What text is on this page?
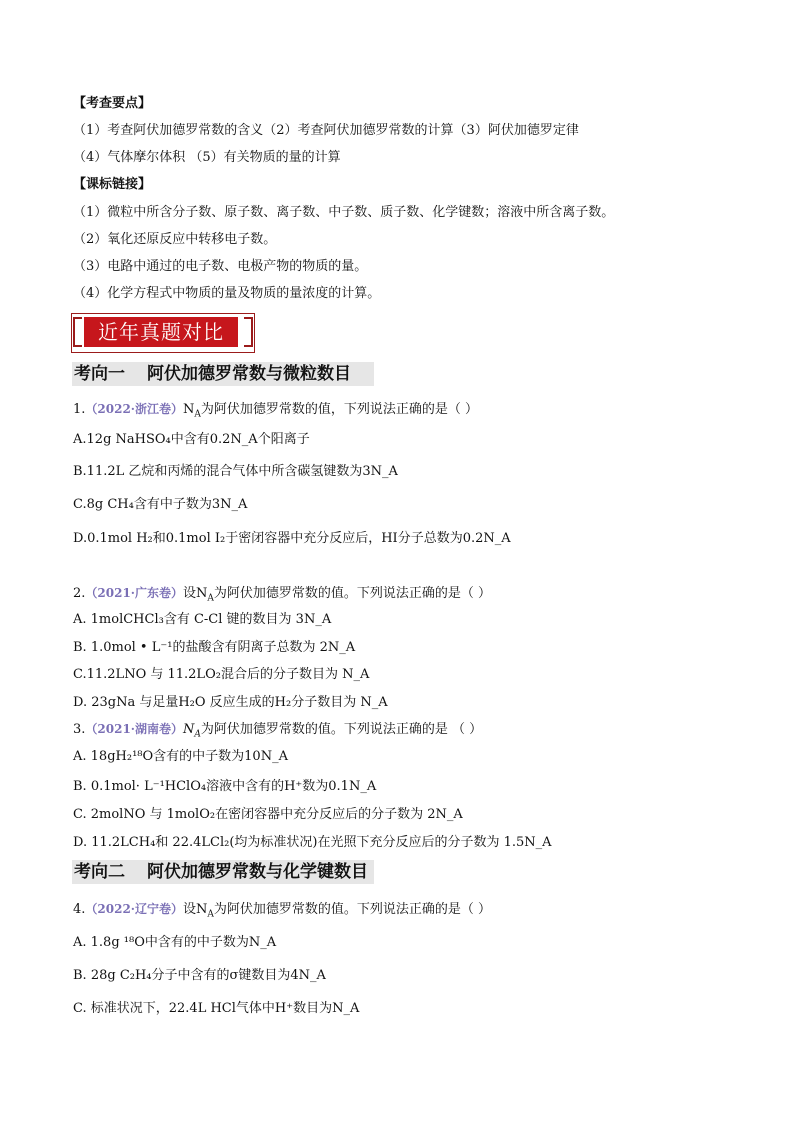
【考查要点】
（1）考查阿伏加德罗常数的含义（2）考查阿伏加德罗常数的计算（3）阿伏加德罗定律
（4）气体摩尔体积 （5）有关物质的量的计算
【课标链接】
（1）微粒中所含分子数、原子数、离子数、中子数、质子数、化学键数；溶液中所含离子数。
（2）氧化还原反应中转移电子数。
（3）电路中通过的电子数、电极产物的物质的量。
（4）化学方程式中物质的量及物质的量浓度的计算。
近年真题对比
考向一 阿伏加德罗常数与微粒数目
1.（2022·浙江卷）$N_A$为阿伏加德罗常数的值，下列说法正确的是（ ）
A.12g NaHSO₄中含有0.2N_A个阳离子
B.11.2L 乙烷和丙烯的混合气体中所含碳氢键数为3N_A
C.8g CH₄含有中子数为3N_A
D.0.1mol H₂和0.1mol I₂于密闭容器中充分反应后，HI分子总数为0.2N_A
2.（2021·广东卷）设$N_A$为阿伏加德罗常数的值。下列说法正确的是（ ）
A. 1molCHCl₃含有 C-Cl 键的数目为 3N_A
B. 1.0mol • L⁻¹的盐酸含有阴离子总数为 2N_A
C.11.2LNO 与 11.2LO₂混合后的分子数目为 N_A
D. 23gNa 与足量H₂O 反应生成的H₂分子数目为 N_A
3.（2021·湖南卷）$N_A$为阿伏加德罗常数的值。下列说法正确的是 （ ）
A. 18gH₂¹⁸O含有的中子数为10N_A
B. 0.1mol· L⁻¹HClO₄溶液中含有的H⁺数为0.1N_A
C. 2molNO 与 1molO₂在密闭容器中充分反应后的分子数为 2N_A
D. 11.2LCH₄和 22.4LCl₂(均为标准状况)在光照下充分反应后的分子数为 1.5N_A
考向二 阿伏加德罗常数与化学键数目
4.（2022·辽宁卷）设$N_A$为阿伏加德罗常数的值。下列说法正确的是（ ）
A. 1.8g ¹⁸O中含有的中子数为N_A
B. 28g C₂H₄分子中含有的σ键数目为4N_A
C. 标准状况下，22.4L HCl气体中H⁺数目为N_A
